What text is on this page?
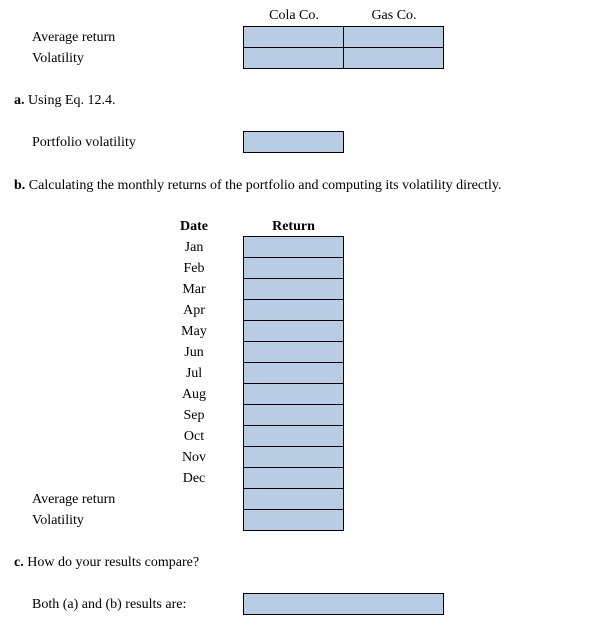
Cola Co.	Gas Co.
Average return
Volatility
a. Using Eq. 12.4.
Portfolio volatility
b. Calculating the monthly returns of the portfolio and computing its volatility directly.
Date	Return
Jan
Feb
Mar
Apr
May
Jun
Jul
Aug
Sep
Oct
Nov
Dec
Average return
Volatility
c. How do your results compare?
Both (a) and (b) results are:
